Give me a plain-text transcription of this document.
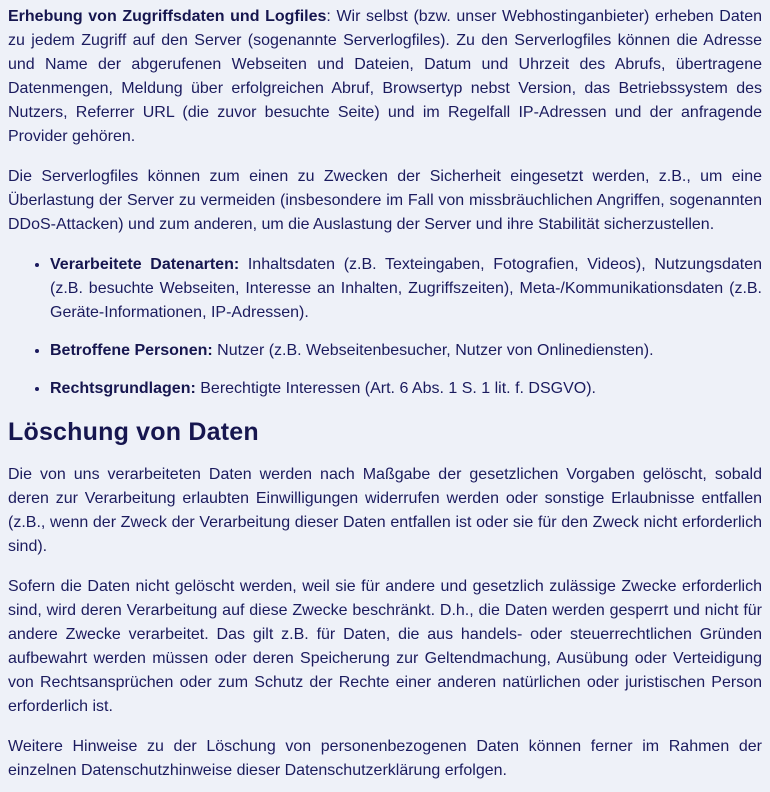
Erhebung von Zugriffsdaten und Logfiles: Wir selbst (bzw. unser Webhostinganbieter) erheben Daten zu jedem Zugriff auf den Server (sogenannte Serverlogfiles). Zu den Serverlogfiles können die Adresse und Name der abgerufenen Webseiten und Dateien, Datum und Uhrzeit des Abrufs, übertragene Datenmengen, Meldung über erfolgreichen Abruf, Browsertyp nebst Version, das Betriebssystem des Nutzers, Referrer URL (die zuvor besuchte Seite) und im Regelfall IP-Adressen und der anfragende Provider gehören.

Die Serverlogfiles können zum einen zu Zwecken der Sicherheit eingesetzt werden, z.B., um eine Überlastung der Server zu vermeiden (insbesondere im Fall von missbräuchlichen Angriffen, sogenannten DDoS-Attacken) und zum anderen, um die Auslastung der Server und ihre Stabilität sicherzustellen.

• Verarbeitete Datenarten: Inhaltsdaten (z.B. Texteingaben, Fotografien, Videos), Nutzungsdaten (z.B. besuchte Webseiten, Interesse an Inhalten, Zugriffszeiten), Meta-/Kommunikationsdaten (z.B. Geräte-Informationen, IP-Adressen).
• Betroffene Personen: Nutzer (z.B. Webseitenbesucher, Nutzer von Onlinediensten).
• Rechtsgrundlagen: Berechtigte Interessen (Art. 6 Abs. 1 S. 1 lit. f. DSGVO).
Löschung von Daten

Die von uns verarbeiteten Daten werden nach Maßgabe der gesetzlichen Vorgaben gelöscht, sobald deren zur Verarbeitung erlaubten Einwilligungen widerrufen werden oder sonstige Erlaubnisse entfallen (z.B., wenn der Zweck der Verarbeitung dieser Daten entfallen ist oder sie für den Zweck nicht erforderlich sind).

Sofern die Daten nicht gelöscht werden, weil sie für andere und gesetzlich zulässige Zwecke erforderlich sind, wird deren Verarbeitung auf diese Zwecke beschränkt. D.h., die Daten werden gesperrt und nicht für andere Zwecke verarbeitet. Das gilt z.B. für Daten, die aus handels- oder steuerrechtlichen Gründen aufbewahrt werden müssen oder deren Speicherung zur Geltendmachung, Ausübung oder Verteidigung von Rechtsansprüchen oder zum Schutz der Rechte einer anderen natürlichen oder juristischen Person erforderlich ist.

Weitere Hinweise zu der Löschung von personenbezogenen Daten können ferner im Rahmen der einzelnen Datenschutzhinweise dieser Datenschutzerklärung erfolgen.
